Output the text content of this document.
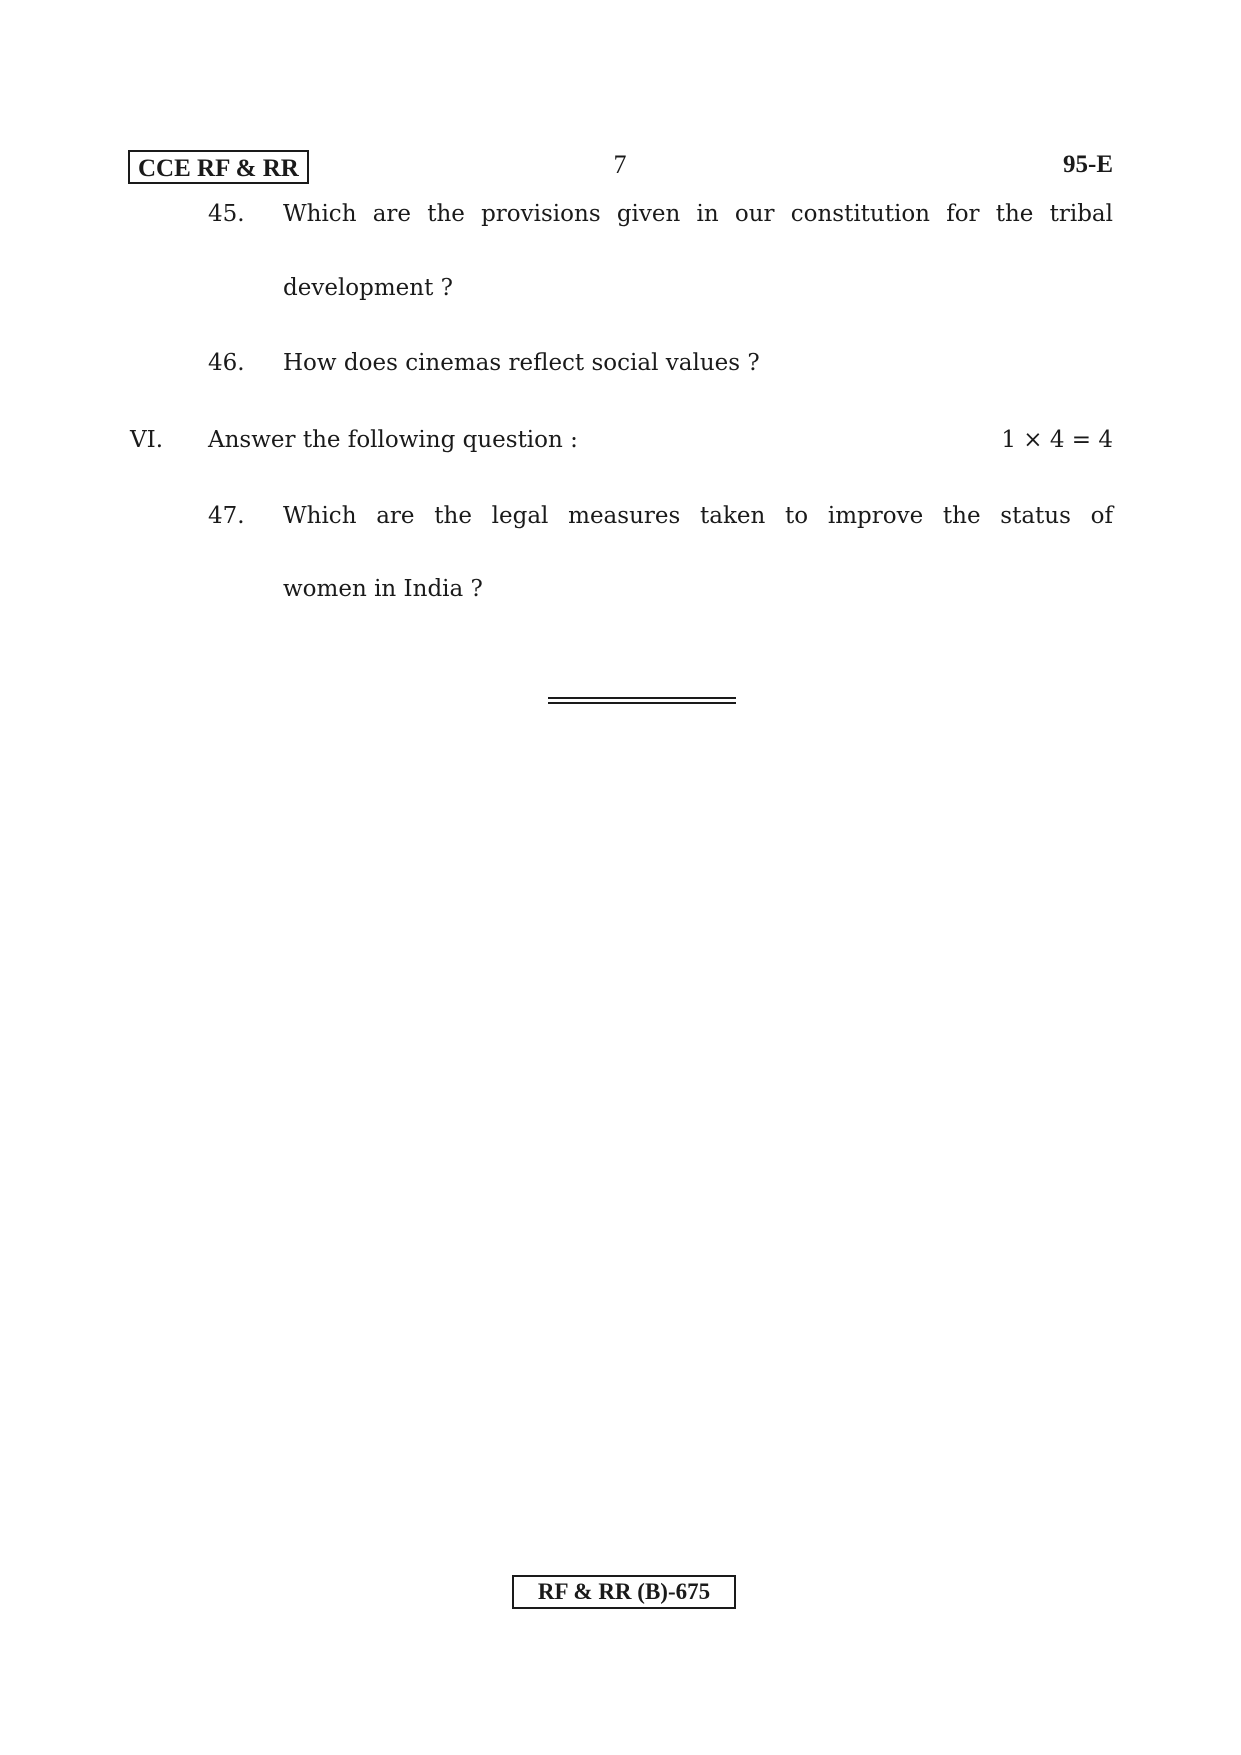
CCE RF & RR	7	95-E
45. Which are the provisions given in our constitution for the tribal
development ?
46. How does cinemas reflect social values ?
VI. Answer the following question :	1 × 4 = 4
47. Which are the legal measures taken to improve the status of
women in India ?
RF & RR (B)-675
